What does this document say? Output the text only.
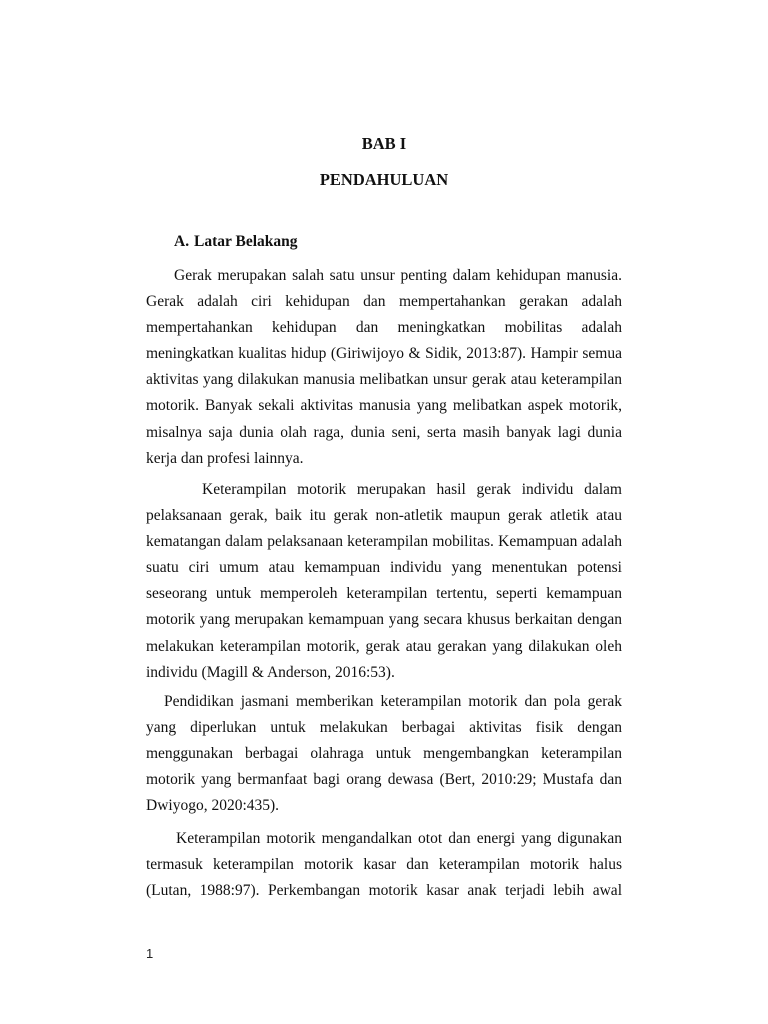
BAB I
PENDAHULUAN
A. Latar Belakang

Gerak merupakan salah satu unsur penting dalam kehidupan manusia. Gerak adalah ciri kehidupan dan mempertahankan gerakan adalah mempertahankan kehidupan dan meningkatkan mobilitas adalah meningkatkan kualitas hidup (Giriwijoyo & Sidik, 2013:87). Hampir semua aktivitas yang dilakukan manusia melibatkan unsur gerak atau keterampilan motorik. Banyak sekali aktivitas manusia yang melibatkan aspek motorik, misalnya saja dunia olah raga, dunia seni, serta masih banyak lagi dunia kerja dan profesi lainnya.

Keterampilan motorik merupakan hasil gerak individu dalam pelaksanaan gerak, baik itu gerak non-atletik maupun gerak atletik atau kematangan dalam pelaksanaan keterampilan mobilitas. Kemampuan adalah suatu ciri umum atau kemampuan individu yang menentukan potensi seseorang untuk memperoleh keterampilan tertentu, seperti kemampuan motorik yang merupakan kemampuan yang secara khusus berkaitan dengan melakukan keterampilan motorik, gerak atau gerakan yang dilakukan oleh individu (Magill & Anderson, 2016:53).

Pendidikan jasmani memberikan keterampilan motorik dan pola gerak yang diperlukan untuk melakukan berbagai aktivitas fisik dengan menggunakan berbagai olahraga untuk mengembangkan keterampilan motorik yang bermanfaat bagi orang dewasa (Bert, 2010:29; Mustafa dan Dwiyogo, 2020:435).

Keterampilan motorik mengandalkan otot dan energi yang digunakan termasuk keterampilan motorik kasar dan keterampilan motorik halus (Lutan, 1988:97). Perkembangan motorik kasar anak terjadi lebih awal

1
